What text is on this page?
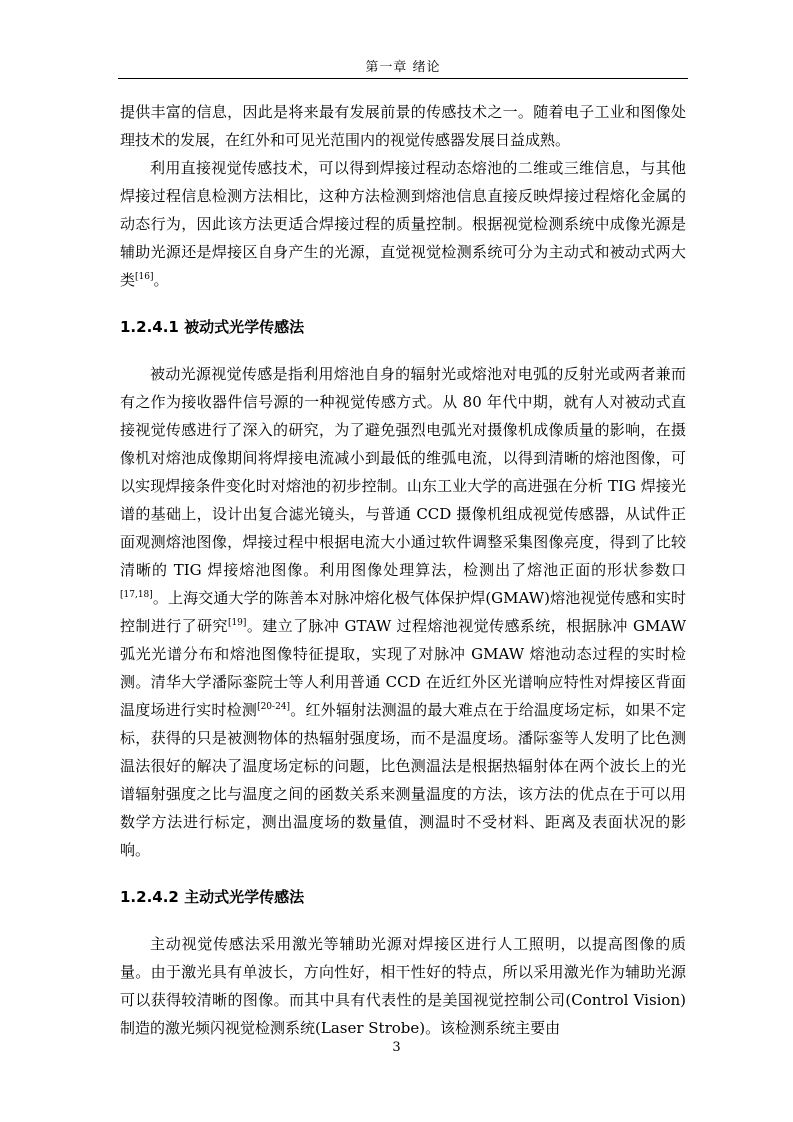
第一章 绪论

提供丰富的信息，因此是将来最有发展前景的传感技术之一。随着电子工业和图像处理技术的发展，在红外和可见光范围内的视觉传感器发展日益成熟。

利用直接视觉传感技术，可以得到焊接过程动态熔池的二维或三维信息，与其他焊接过程信息检测方法相比，这种方法检测到熔池信息直接反映焊接过程熔化金属的动态行为，因此该方法更适合焊接过程的质量控制。根据视觉检测系统中成像光源是辅助光源还是焊接区自身产生的光源，直觉视觉检测系统可分为主动式和被动式两大类[16]。

1.2.4.1 被动式光学传感法

被动光源视觉传感是指利用熔池自身的辐射光或熔池对电弧的反射光或两者兼而有之作为接收器件信号源的一种视觉传感方式。从 80 年代中期，就有人对被动式直接视觉传感进行了深入的研究，为了避免强烈电弧光对摄像机成像质量的影响，在摄像机对熔池成像期间将焊接电流减小到最低的维弧电流，以得到清晰的熔池图像，可以实现焊接条件变化时对熔池的初步控制。山东工业大学的高进强在分析 TIG 焊接光谱的基础上，设计出复合滤光镜头，与普通 CCD 摄像机组成视觉传感器，从试件正面观测熔池图像，焊接过程中根据电流大小通过软件调整采集图像亮度，得到了比较清晰的 TIG 焊接熔池图像。利用图像处理算法，检测出了熔池正面的形状参数口[17,18]。上海交通大学的陈善本对脉冲熔化极气体保护焊(GMAW)熔池视觉传感和实时控制进行了研究[19]。建立了脉冲 GTAW 过程熔池视觉传感系统，根据脉冲 GMAW 弧光光谱分布和熔池图像特征提取，实现了对脉冲 GMAW 熔池动态过程的实时检测。清华大学潘际銮院士等人利用普通 CCD 在近红外区光谱响应特性对焊接区背面温度场进行实时检测[20-24]。红外辐射法测温的最大难点在于给温度场定标，如果不定标，获得的只是被测物体的热辐射强度场，而不是温度场。潘际銮等人发明了比色测温法很好的解决了温度场定标的问题，比色测温法是根据热辐射体在两个波长上的光谱辐射强度之比与温度之间的函数关系来测量温度的方法，该方法的优点在于可以用数学方法进行标定，测出温度场的数量值，测温时不受材料、距离及表面状况的影响。

1.2.4.2 主动式光学传感法

主动视觉传感法采用激光等辅助光源对焊接区进行人工照明，以提高图像的质量。由于激光具有单波长，方向性好，相干性好的特点，所以采用激光作为辅助光源可以获得较清晰的图像。而其中具有代表性的是美国视觉控制公司(Control Vision)制造的激光频闪视觉检测系统(Laser Strobe)。该检测系统主要由

3
